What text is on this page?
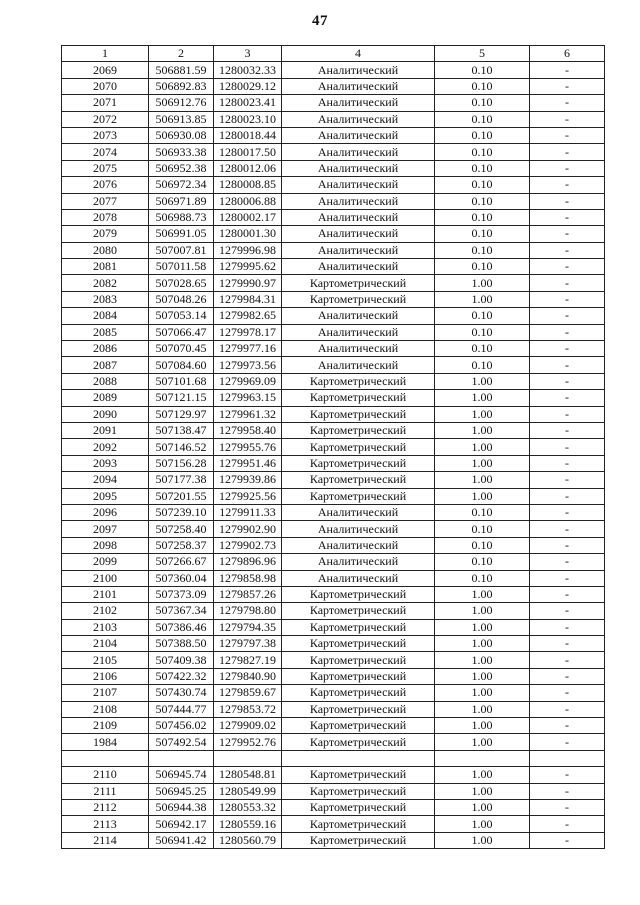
47
1	2	3	4	5	6
2069	506881.59	1280032.33	Аналитический	0.10	-
2070	506892.83	1280029.12	Аналитический	0.10	-
2071	506912.76	1280023.41	Аналитический	0.10	-
2072	506913.85	1280023.10	Аналитический	0.10	-
2073	506930.08	1280018.44	Аналитический	0.10	-
2074	506933.38	1280017.50	Аналитический	0.10	-
2075	506952.38	1280012.06	Аналитический	0.10	-
2076	506972.34	1280008.85	Аналитический	0.10	-
2077	506971.89	1280006.88	Аналитический	0.10	-
2078	506988.73	1280002.17	Аналитический	0.10	-
2079	506991.05	1280001.30	Аналитический	0.10	-
2080	507007.81	1279996.98	Аналитический	0.10	-
2081	507011.58	1279995.62	Аналитический	0.10	-
2082	507028.65	1279990.97	Картометрический	1.00	-
2083	507048.26	1279984.31	Картометрический	1.00	-
2084	507053.14	1279982.65	Аналитический	0.10	-
2085	507066.47	1279978.17	Аналитический	0.10	-
2086	507070.45	1279977.16	Аналитический	0.10	-
2087	507084.60	1279973.56	Аналитический	0.10	-
2088	507101.68	1279969.09	Картометрический	1.00	-
2089	507121.15	1279963.15	Картометрический	1.00	-
2090	507129.97	1279961.32	Картометрический	1.00	-
2091	507138.47	1279958.40	Картометрический	1.00	-
2092	507146.52	1279955.76	Картометрический	1.00	-
2093	507156.28	1279951.46	Картометрический	1.00	-
2094	507177.38	1279939.86	Картометрический	1.00	-
2095	507201.55	1279925.56	Картометрический	1.00	-
2096	507239.10	1279911.33	Аналитический	0.10	-
2097	507258.40	1279902.90	Аналитический	0.10	-
2098	507258.37	1279902.73	Аналитический	0.10	-
2099	507266.67	1279896.96	Аналитический	0.10	-
2100	507360.04	1279858.98	Аналитический	0.10	-
2101	507373.09	1279857.26	Картометрический	1.00	-
2102	507367.34	1279798.80	Картометрический	1.00	-
2103	507386.46	1279794.35	Картометрический	1.00	-
2104	507388.50	1279797.38	Картометрический	1.00	-
2105	507409.38	1279827.19	Картометрический	1.00	-
2106	507422.32	1279840.90	Картометрический	1.00	-
2107	507430.74	1279859.67	Картометрический	1.00	-
2108	507444.77	1279853.72	Картометрический	1.00	-
2109	507456.02	1279909.02	Картометрический	1.00	-
1984	507492.54	1279952.76	Картометрический	1.00	-

2110	506945.74	1280548.81	Картометрический	1.00	-
2111	506945.25	1280549.99	Картометрический	1.00	-
2112	506944.38	1280553.32	Картометрический	1.00	-
2113	506942.17	1280559.16	Картометрический	1.00	-
2114	506941.42	1280560.79	Картометрический	1.00	-
